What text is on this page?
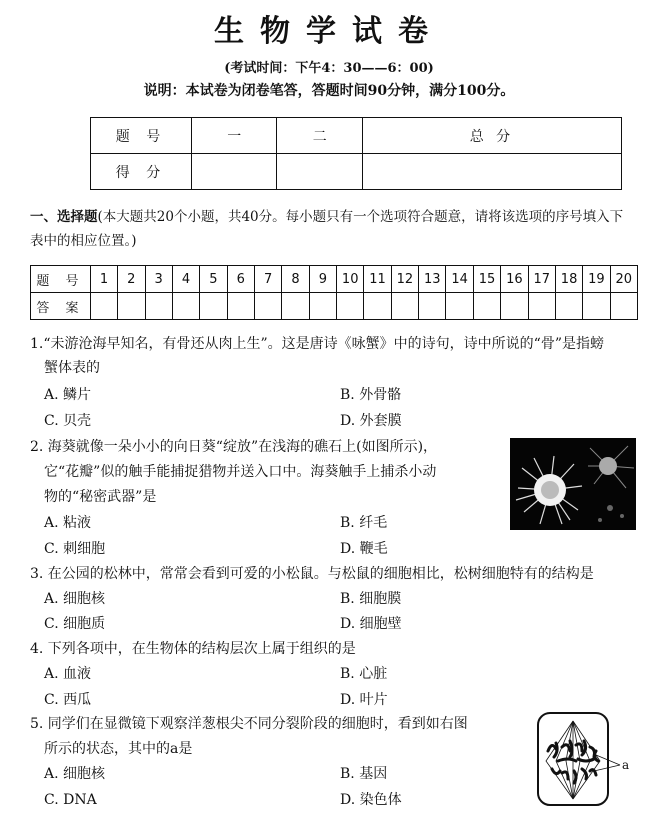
生物学试卷
(考试时间：下午4：30——6：00)
说明：本试卷为闭卷笔答，答题时间90分钟，满分100分。
题 号	一	二	总 分
得 分			
一、选择题(本大题共20个小题，共40分。每小题只有一个选项符合题意，请将该选项的序号填入下表中的相应位置。)
题 号	1	2	3	4	5	6	7	8	9	10	11	12	13	14	15	16	17	18	19	20
答 案																				
1.“未游沧海早知名，有骨还从肉上生”。这是唐诗《咏蟹》中的诗句，诗中所说的“骨”是指螃
蟹体表的
A. 鳞片	B. 外骨骼
C. 贝壳	D. 外套膜
2. 海葵就像一朵小小的向日葵“绽放”在浅海的礁石上(如图所示)，
它“花瓣”似的触手能捕捉猎物并送入口中。海葵触手上捕杀小动
物的“秘密武器”是
A. 粘液	B. 纤毛
C. 刺细胞	D. 鞭毛
3. 在公园的松林中，常常会看到可爱的小松鼠。与松鼠的细胞相比，松树细胞特有的结构是
A. 细胞核	B. 细胞膜
C. 细胞质	D. 细胞壁
4. 下列各项中，在生物体的结构层次上属于组织的是
A. 血液	B. 心脏
C. 西瓜	D. 叶片
5. 同学们在显微镜下观察洋葱根尖不同分裂阶段的细胞时，看到如右图
所示的状态，其中的a是
A. 细胞核	B. 基因
C. DNA	D. 染色体
a
